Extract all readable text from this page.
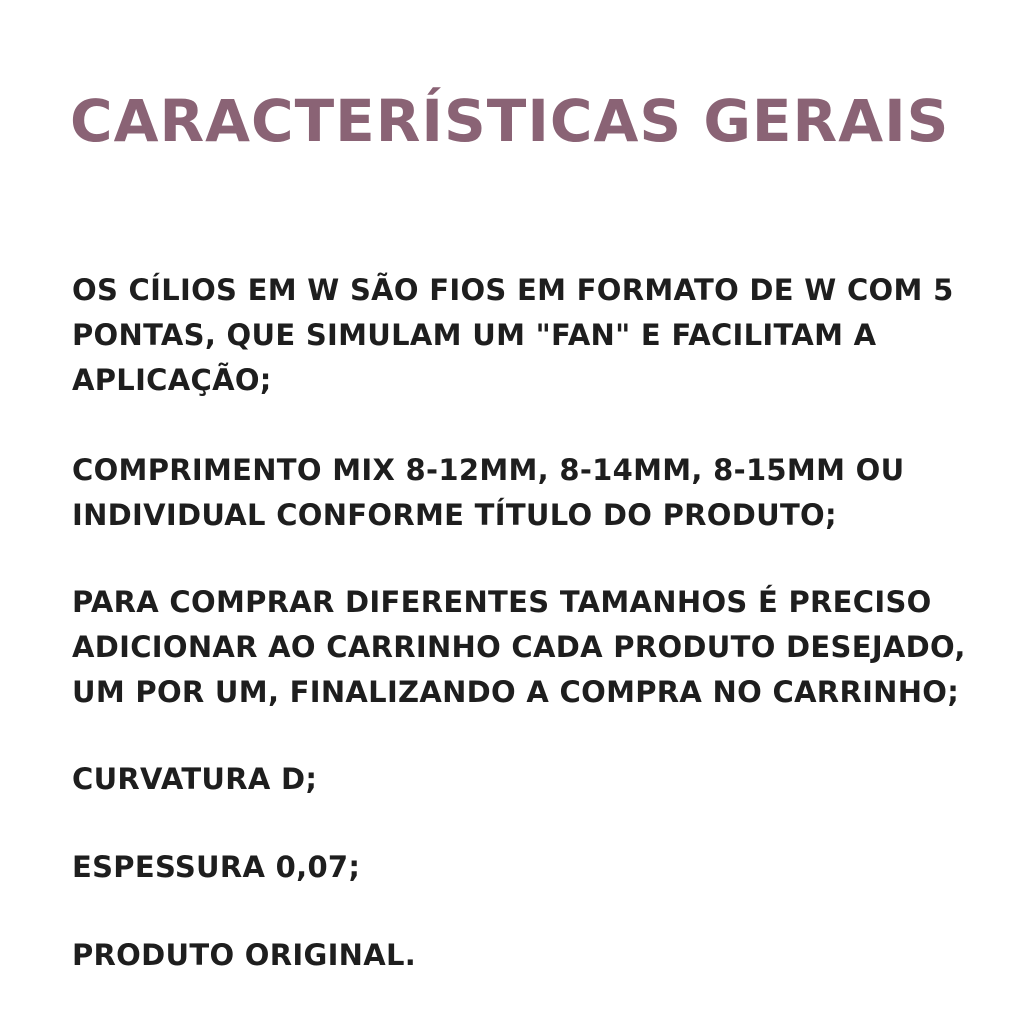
CARACTERÍSTICAS GERAIS

OS CÍLIOS EM W SÃO FIOS EM FORMATO DE W COM 5
PONTAS, QUE SIMULAM UM "FAN" E FACILITAM A
APLICAÇÃO;

COMPRIMENTO MIX 8-12MM, 8-14MM, 8-15MM OU
INDIVIDUAL CONFORME TÍTULO DO PRODUTO;

PARA COMPRAR DIFERENTES TAMANHOS É PRECISO
ADICIONAR AO CARRINHO CADA PRODUTO DESEJADO,
UM POR UM, FINALIZANDO A COMPRA NO CARRINHO;

CURVATURA D;

ESPESSURA 0,07;

PRODUTO ORIGINAL.
